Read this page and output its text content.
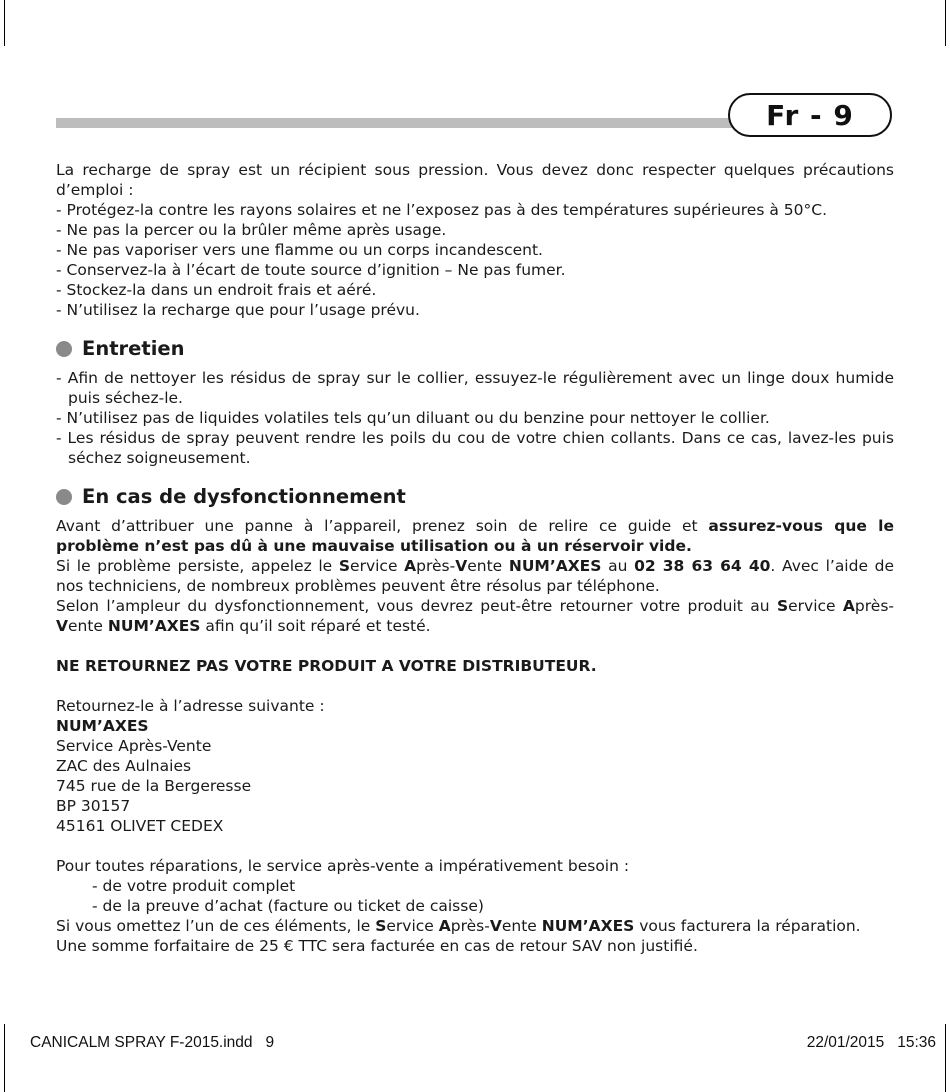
Fr - 9

La recharge de spray est un récipient sous pression. Vous devez donc respecter quelques précautions d’emploi :

- Protégez-la contre les rayons solaires et ne l’exposez pas à des températures supérieures à 50°C.

- Ne pas la percer ou la brûler même après usage.

- Ne pas vaporiser vers une flamme ou un corps incandescent.

- Conservez-la à l’écart de toute source d’ignition – Ne pas fumer.

- Stockez-la dans un endroit frais et aéré.

- N’utilisez la recharge que pour l’usage prévu.

Entretien

- Afin de nettoyer les résidus de spray sur le collier, essuyez-le régulièrement avec un linge doux humide puis séchez-le.

- N’utilisez pas de liquides volatiles tels qu’un diluant ou du benzine pour nettoyer le collier.

- Les résidus de spray peuvent rendre les poils du cou de votre chien collants. Dans ce cas, lavez-les puis séchez soigneusement.

En cas de dysfonctionnement

Avant d’attribuer une panne à l’appareil, prenez soin de relire ce guide et assurez-vous que le problème n’est pas dû à une mauvaise utilisation ou à un réservoir vide.

Si le problème persiste, appelez le Service Après-Vente NUM’AXES au 02 38 63 64 40. Avec l’aide de nos techniciens, de nombreux problèmes peuvent être résolus par téléphone.

Selon l’ampleur du dysfonctionnement, vous devrez peut-être retourner votre produit au Service Après-Vente NUM’AXES afin qu’il soit réparé et testé.

NE RETOURNEZ PAS VOTRE PRODUIT A VOTRE DISTRIBUTEUR.

Retournez-le à l’adresse suivante :

NUM’AXES

Service Après-Vente

ZAC des Aulnaies

745 rue de la Bergeresse

BP 30157

45161 OLIVET CEDEX

Pour toutes réparations, le service après-vente a impérativement besoin :

- de votre produit complet

- de la preuve d’achat (facture ou ticket de caisse)

Si vous omettez l’un de ces éléments, le Service Après-Vente NUM’AXES vous facturera la réparation.

Une somme forfaitaire de 25 € TTC sera facturée en cas de retour SAV non justifié.

CANICALM SPRAY F-2015.indd   9	22/01/2015   15:36
